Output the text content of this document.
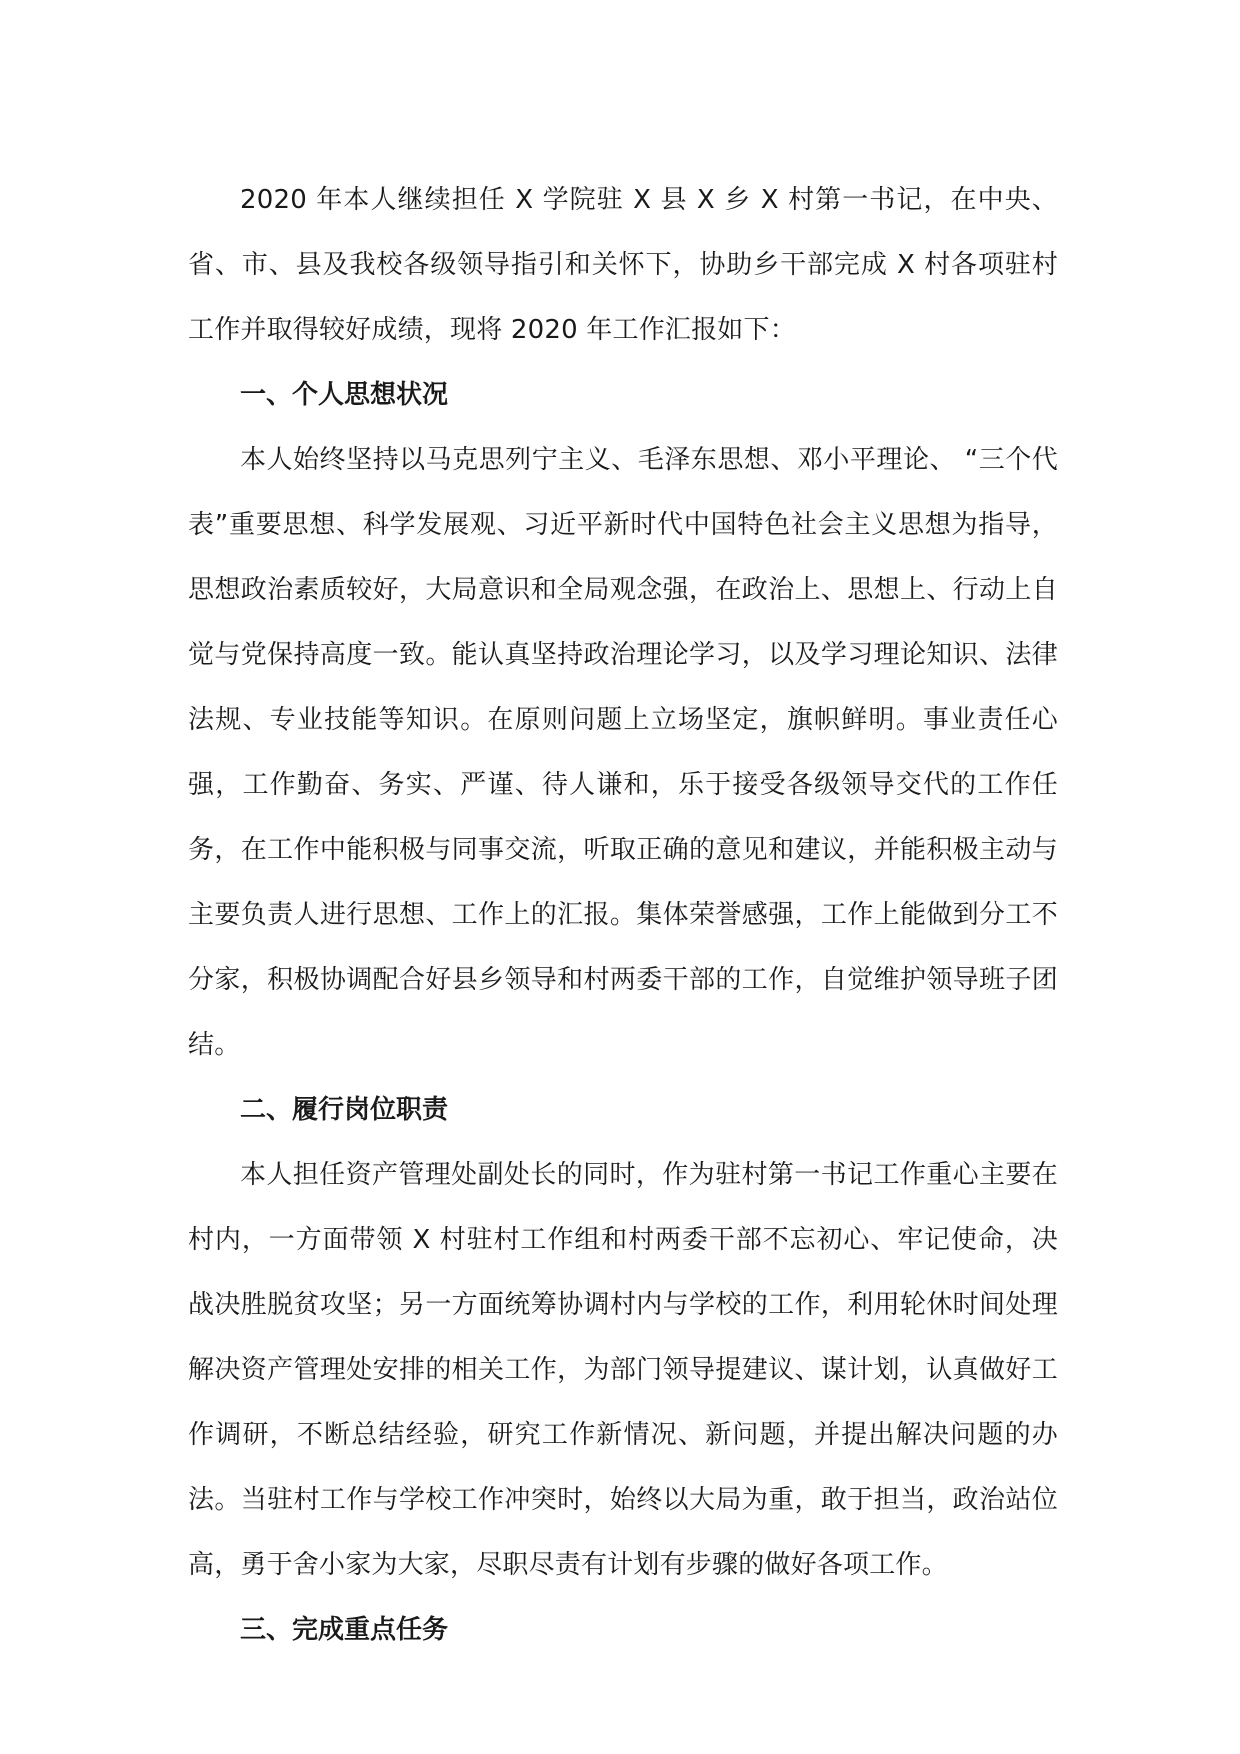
2020 年本人继续担任 X 学院驻 X 县 X 乡 X 村第一书记，在中央、省、市、县及我校各级领导指引和关怀下，协助乡干部完成 X 村各项驻村工作并取得较好成绩，现将 2020 年工作汇报如下：

一、个人思想状况

本人始终坚持以马克思列宁主义、毛泽东思想、邓小平理论、 “三个代表”重要思想、科学发展观、习近平新时代中国特色社会主义思想为指导，思想政治素质较好，大局意识和全局观念强，在政治上、思想上、行动上自觉与党保持高度一致。能认真坚持政治理论学习，以及学习理论知识、法律法规、专业技能等知识。在原则问题上立场坚定，旗帜鲜明。事业责任心强，工作勤奋、务实、严谨、待人谦和，乐于接受各级领导交代的工作任务，在工作中能积极与同事交流，听取正确的意见和建议，并能积极主动与主要负责人进行思想、工作上的汇报。集体荣誉感强，工作上能做到分工不分家，积极协调配合好县乡领导和村两委干部的工作，自觉维护领导班子团结。

二、履行岗位职责

本人担任资产管理处副处长的同时，作为驻村第一书记工作重心主要在村内，一方面带领 X 村驻村工作组和村两委干部不忘初心、牢记使命，决战决胜脱贫攻坚；另一方面统筹协调村内与学校的工作，利用轮休时间处理解决资产管理处安排的相关工作，为部门领导提建议、谋计划，认真做好工作调研，不断总结经验，研究工作新情况、新问题，并提出解决问题的办法。当驻村工作与学校工作冲突时，始终以大局为重，敢于担当，政治站位高，勇于舍小家为大家，尽职尽责有计划有步骤的做好各项工作。

三、完成重点任务
